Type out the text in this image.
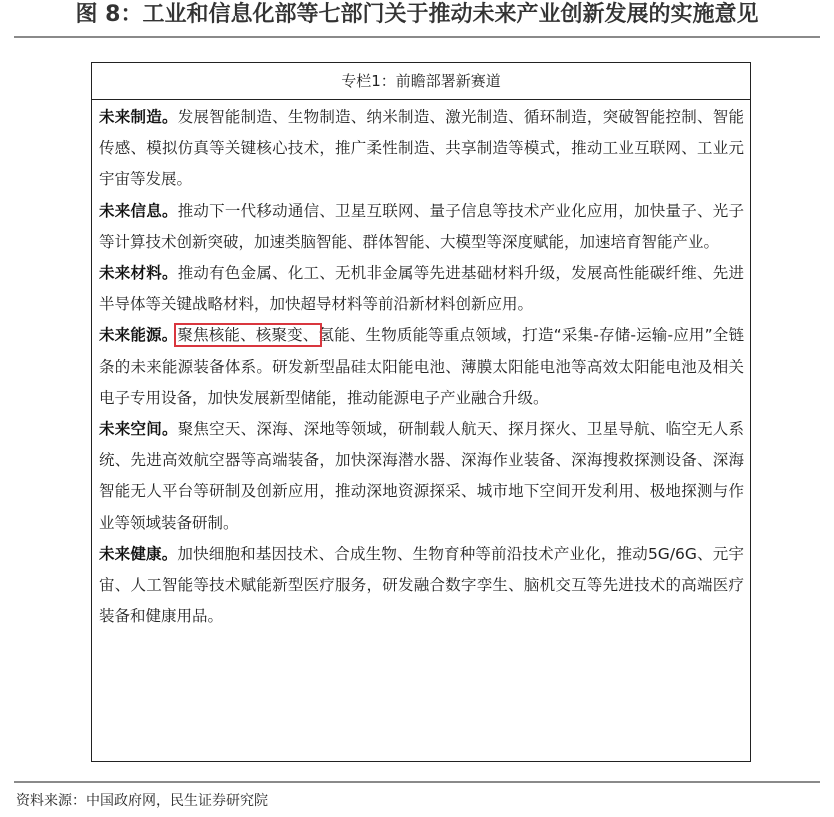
图 8：工业和信息化部等七部门关于推动未来产业创新发展的实施意见
专栏1：前瞻部署新赛道

未来制造。发展智能制造、生物制造、纳米制造、激光制造、循环制造，突破智能控制、智能传感、模拟仿真等关键核心技术，推广柔性制造、共享制造等模式，推动工业互联网、工业元宇宙等发展。

未来信息。推动下一代移动通信、卫星互联网、量子信息等技术产业化应用，加快量子、光子等计算技术创新突破，加速类脑智能、群体智能、大模型等深度赋能，加速培育智能产业。

未来材料。推动有色金属、化工、无机非金属等先进基础材料升级，发展高性能碳纤维、先进半导体等关键战略材料，加快超导材料等前沿新材料创新应用。

未来能源。聚焦核能、核聚变、氢能、生物质能等重点领域，打造“采集-存储-运输-应用”全链条的未来能源装备体系。研发新型晶硅太阳能电池、薄膜太阳能电池等高效太阳能电池及相关电子专用设备，加快发展新型储能，推动能源电子产业融合升级。

未来空间。聚焦空天、深海、深地等领域，研制载人航天、探月探火、卫星导航、临空无人系统、先进高效航空器等高端装备，加快深海潜水器、深海作业装备、深海搜救探测设备、深海智能无人平台等研制及创新应用，推动深地资源探采、城市地下空间开发利用、极地探测与作业等领域装备研制。

未来健康。加快细胞和基因技术、合成生物、生物育种等前沿技术产业化，推动5G/6G、元宇宙、人工智能等技术赋能新型医疗服务，研发融合数字孪生、脑机交互等先进技术的高端医疗装备和健康用品。

资料来源：中国政府网，民生证券研究院
